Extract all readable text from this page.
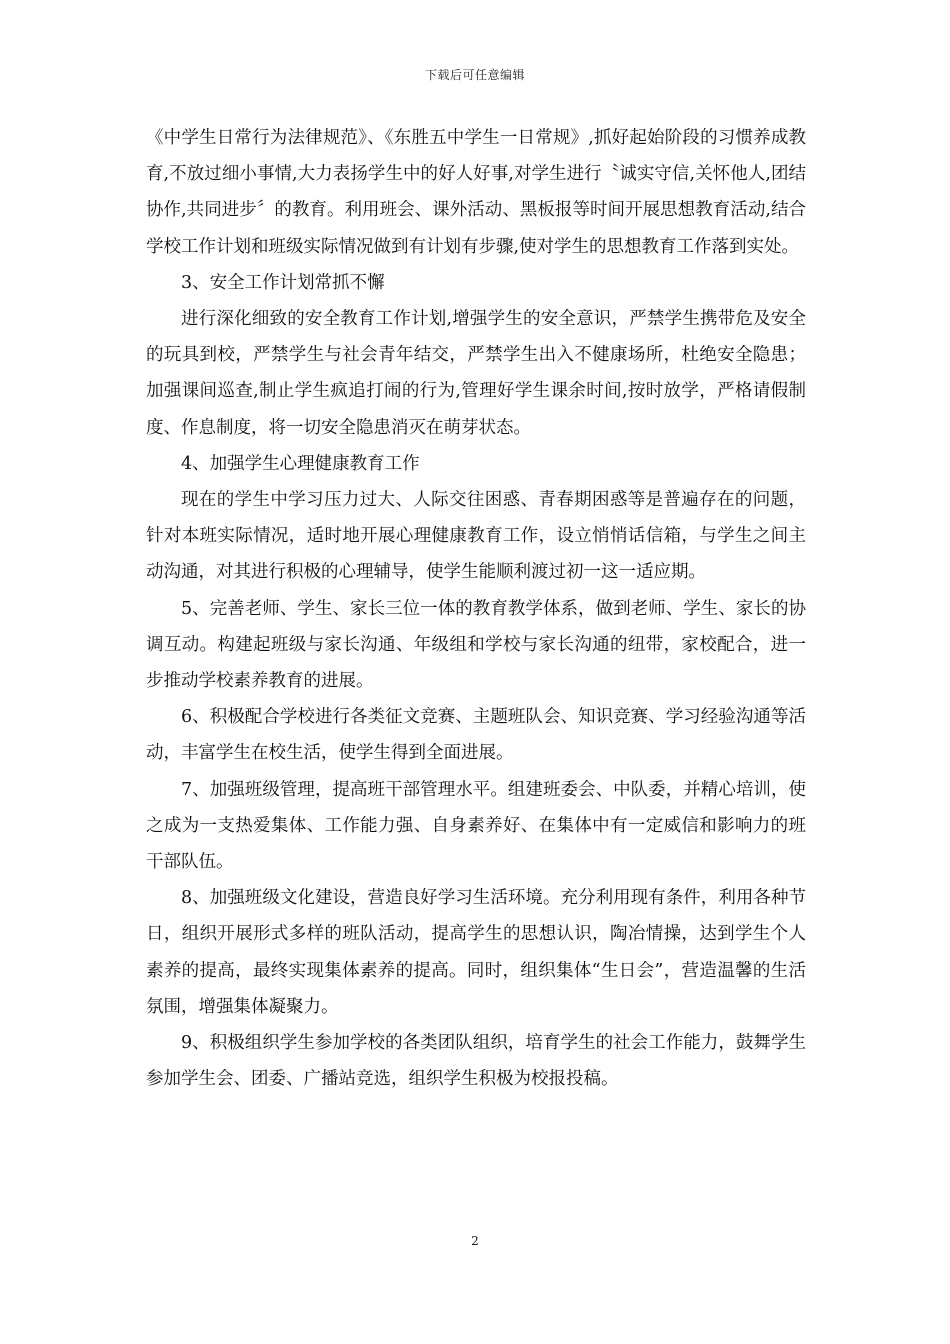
下载后可任意编辑

《中学生日常行为法律规范》、《东胜五中学生一日常规》,抓好起始阶段的习惯养成教育,不放过细小事情,大力表扬学生中的好人好事,对学生进行〝诚实守信,关怀他人,团结协作,共同进步〞的教育。利用班会、课外活动、黑板报等时间开展思想教育活动,结合学校工作计划和班级实际情况做到有计划有步骤,使对学生的思想教育工作落到实处。

3、安全工作计划常抓不懈

进行深化细致的安全教育工作计划,增强学生的安全意识，严禁学生携带危及安全的玩具到校，严禁学生与社会青年结交，严禁学生出入不健康场所，杜绝安全隐患；加强课间巡查,制止学生疯追打闹的行为,管理好学生课余时间,按时放学，严格请假制度、作息制度，将一切安全隐患消灭在萌芽状态。

4、加强学生心理健康教育工作

现在的学生中学习压力过大、人际交往困惑、青春期困惑等是普遍存在的问题，针对本班实际情况，适时地开展心理健康教育工作，设立悄悄话信箱，与学生之间主动沟通，对其进行积极的心理辅导，使学生能顺利渡过初一这一适应期。

5、完善老师、学生、家长三位一体的教育教学体系，做到老师、学生、家长的协调互动。构建起班级与家长沟通、年级组和学校与家长沟通的纽带，家校配合，进一步推动学校素养教育的进展。

6、积极配合学校进行各类征文竞赛、主题班队会、知识竞赛、学习经验沟通等活动，丰富学生在校生活，使学生得到全面进展。

7、加强班级管理，提高班干部管理水平。组建班委会、中队委，并精心培训，使之成为一支热爱集体、工作能力强、自身素养好、在集体中有一定威信和影响力的班干部队伍。

8、加强班级文化建设，营造良好学习生活环境。充分利用现有条件，利用各种节日，组织开展形式多样的班队活动，提高学生的思想认识，陶冶情操，达到学生个人素养的提高，最终实现集体素养的提高。同时，组织集体“生日会”，营造温馨的生活氛围，增强集体凝聚力。

9、积极组织学生参加学校的各类团队组织，培育学生的社会工作能力，鼓舞学生参加学生会、团委、广播站竞选，组织学生积极为校报投稿。

2
